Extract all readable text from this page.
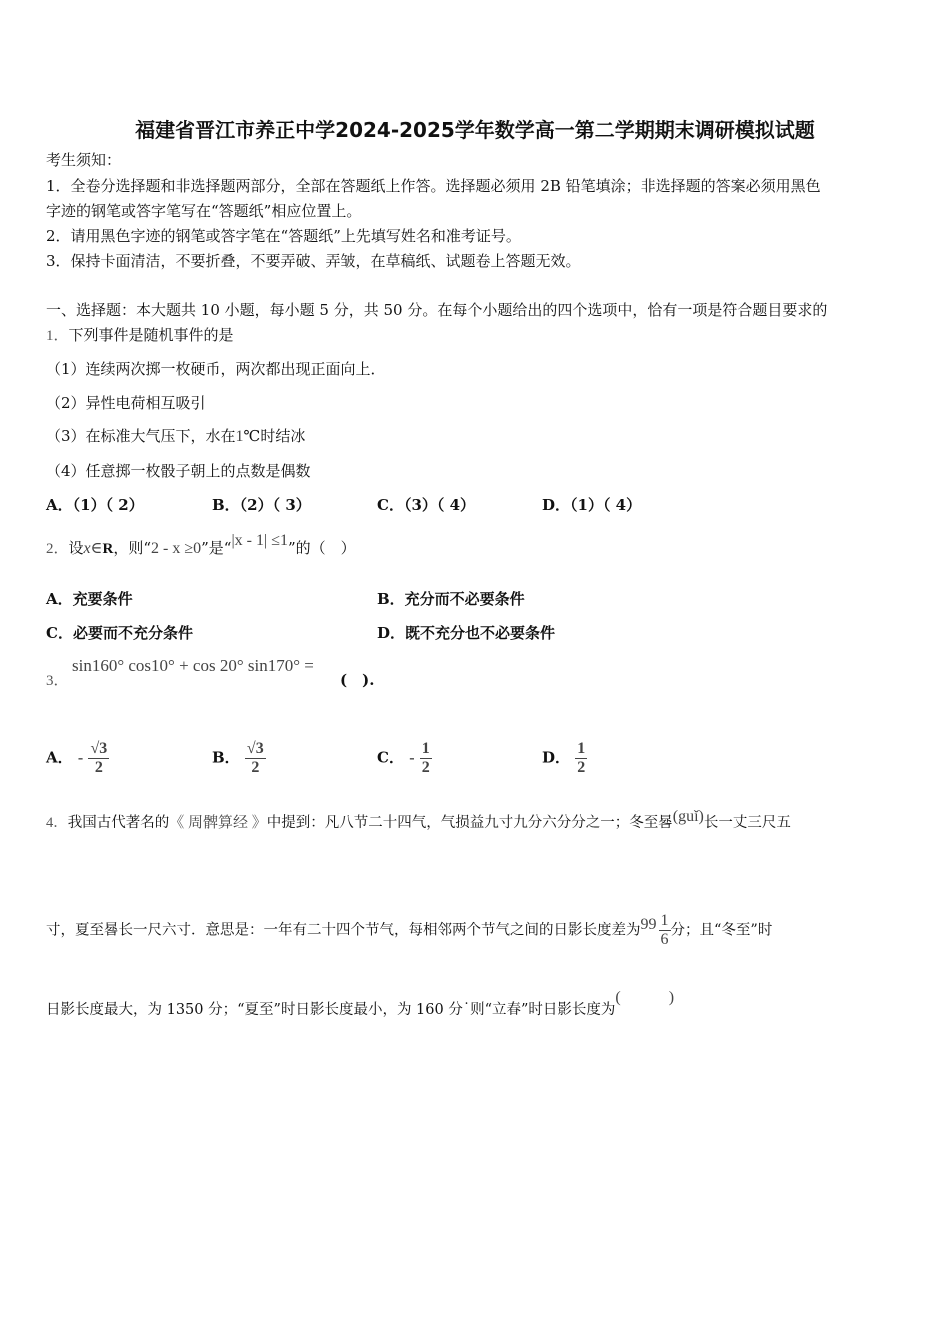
福建省晋江市养正中学2024-2025学年数学高一第二学期期末调研模拟试题
考生须知：
1．全卷分选择题和非选择题两部分，全部在答题纸上作答。选择题必须用 2B 铅笔填涂；非选择题的答案必须用黑色
字迹的钢笔或答字笔写在“答题纸”相应位置上。
2．请用黑色字迹的钢笔或答字笔在“答题纸”上先填写姓名和准考证号。
3．保持卡面清洁，不要折叠，不要弄破、弄皱，在草稿纸、试题卷上答题无效。
一、选择题：本大题共 10 小题，每小题 5 分，共 50 分。在每个小题给出的四个选项中，恰有一项是符合题目要求的
1．下列事件是随机事件的是
（1）连续两次掷一枚硬币，两次都出现正面向上．
（2）异性电荷相互吸引
（3）在标准大气压下，水在1℃时结冰
（4）任意掷一枚骰子朝上的点数是偶数
A．（1）（ 2）	B．（2）（ 3）	C．（3）（ 4）	D．（1）（ 4）
2．设x∈R，则“2 - x ≥0”是“|x - 1| ≤1”的（　）
A．充要条件	B．充分而不必要条件
C．必要而不充分条件	D．既不充分也不必要条件
3．
sin160° cos10° + cos 20° sin170° =
(　).
A． - $\frac{√3}{2}$	B． $\frac{√3}{2}$	C． - $\frac{1}{2}$	D． $\frac{1}{2}$
4．我国古代著名的《 周髀算经 》中提到：凡八节二十四气，气损益九寸九分六分分之一；冬至晷(guǐ)长一丈三尺五
寸，夏至晷长一尺六寸．意思是：一年有二十四个节气，每相邻两个节气之间的日影长度差为$99 \frac{1}{6}$ 分；且“冬至”时
日影长度最大，为 1350 分；“夏至”时日影长度最小，为 160 分˙则“立春”时日影长度为(　　　)
